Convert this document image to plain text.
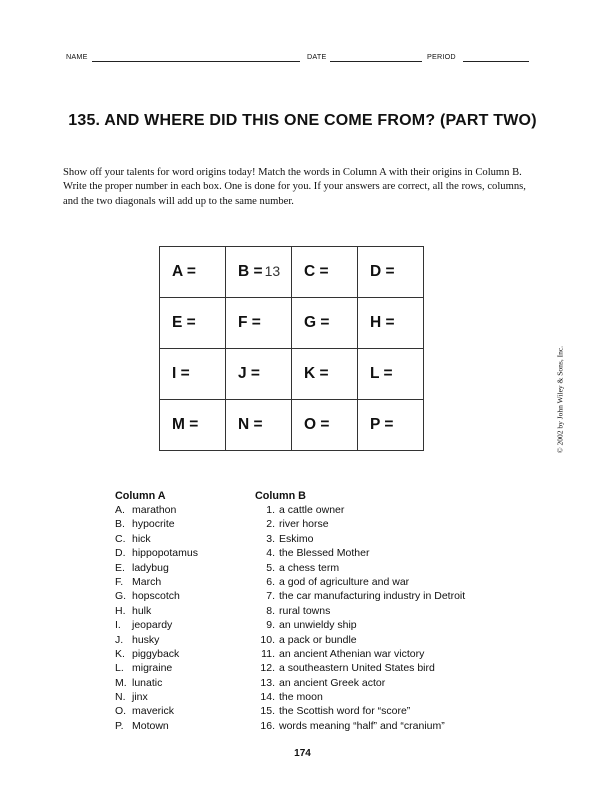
NAME	DATE	PERIOD
135. AND WHERE DID THIS ONE COME FROM? (PART TWO)
Show off your talents for word origins today! Match the words in Column A with their origins in Column B. Write the proper number in each box. One is done for you. If your answers are correct, all the rows, columns, and the two diagonals will add up to the same number.
A =	B = 13	C =	D =
E =	F =	G =	H =
I =	J =	K =	L =
M =	N =	O =	P =	© 2002 by John Wiley & Sons, Inc.
Column A
A. marathon
B. hypocrite
C. hick
D. hippopotamus
E. ladybug
F. March
G. hopscotch
H. hulk
I. jeopardy
J. husky
K. piggyback
L. migraine
M. lunatic
N. jinx
O. maverick
P. Motown
Column B
1. a cattle owner
2. river horse
3. Eskimo
4. the Blessed Mother
5. a chess term
6. a god of agriculture and war
7. the car manufacturing industry in Detroit
8. rural towns
9. an unwieldy ship
10. a pack or bundle
11. an ancient Athenian war victory
12. a southeastern United States bird
13. an ancient Greek actor
14. the moon
15. the Scottish word for “score”
16. words meaning “half” and “cranium”
174
